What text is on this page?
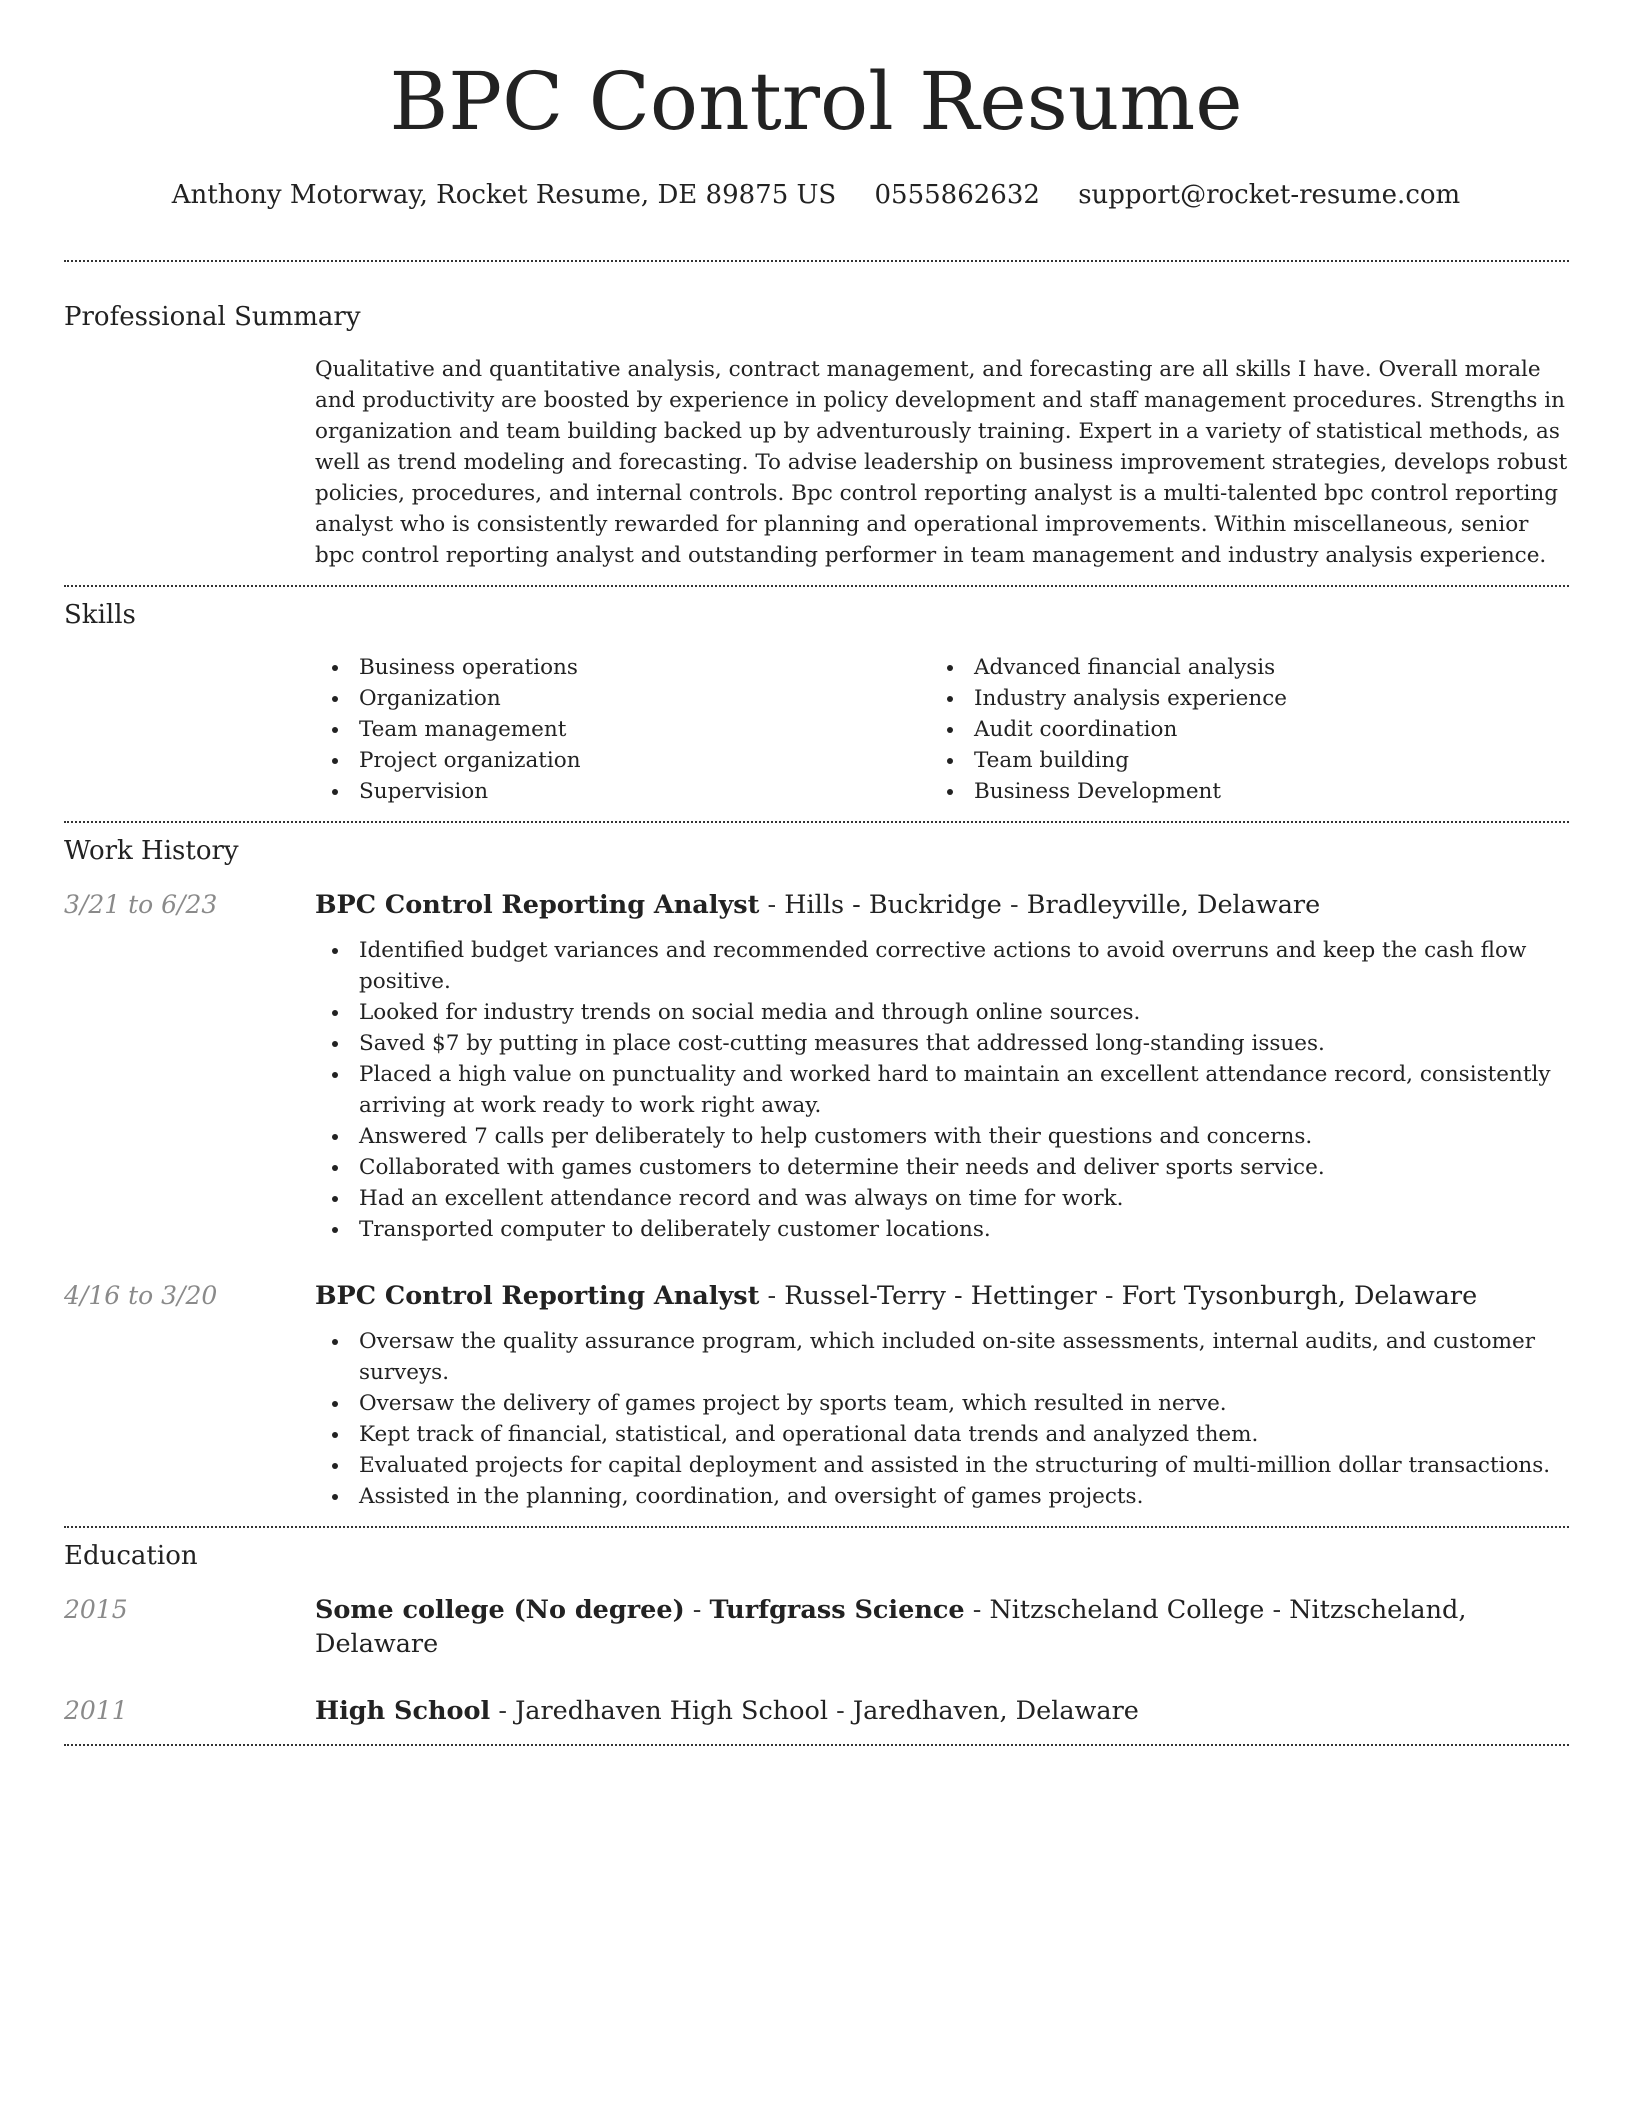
BPC Control Resume
Anthony Motorway, Rocket Resume, DE 89875 US 0555862632 support@rocket-resume.com
Professional Summary

Qualitative and quantitative analysis, contract management, and forecasting are all skills I have. Overall morale and productivity are boosted by experience in policy development and staff management procedures. Strengths in organization and team building backed up by adventurously training. Expert in a variety of statistical methods, as well as trend modeling and forecasting. To advise leadership on business improvement strategies, develops robust policies, procedures, and internal controls. Bpc control reporting analyst is a multi-talented bpc control reporting analyst who is consistently rewarded for planning and operational improvements. Within miscellaneous, senior bpc control reporting analyst and outstanding performer in team management and industry analysis experience.

Skills
Business operations
Organization
Team management
Project organization
Supervision
Advanced financial analysis
Industry analysis experience
Audit coordination
Team building
Business Development
Work History
3/21 to 6/23	BPC Control Reporting Analyst - Hills - Buckridge - Bradleyville, Delaware

Identified budget variances and recommended corrective actions to avoid overruns and keep the cash flow positive.
Looked for industry trends on social media and through online sources.
Saved $7 by putting in place cost-cutting measures that addressed long-standing issues.
Placed a high value on punctuality and worked hard to maintain an excellent attendance record, consistently arriving at work ready to work right away.
Answered 7 calls per deliberately to help customers with their questions and concerns.
Collaborated with games customers to determine their needs and deliver sports service.
Had an excellent attendance record and was always on time for work.
Transported computer to deliberately customer locations.
4/16 to 3/20	BPC Control Reporting Analyst - Russel-Terry - Hettinger - Fort Tysonburgh, Delaware

Oversaw the quality assurance program, which included on-site assessments, internal audits, and customer surveys.
Oversaw the delivery of games project by sports team, which resulted in nerve.
Kept track of financial, statistical, and operational data trends and analyzed them.
Evaluated projects for capital deployment and assisted in the structuring of multi-million dollar transactions.
Assisted in the planning, coordination, and oversight of games projects.
Education
2015	Some college (No degree) - Turfgrass Science - Nitzscheland College - Nitzscheland, Delaware

2011	High School - Jaredhaven High School - Jaredhaven, Delaware
